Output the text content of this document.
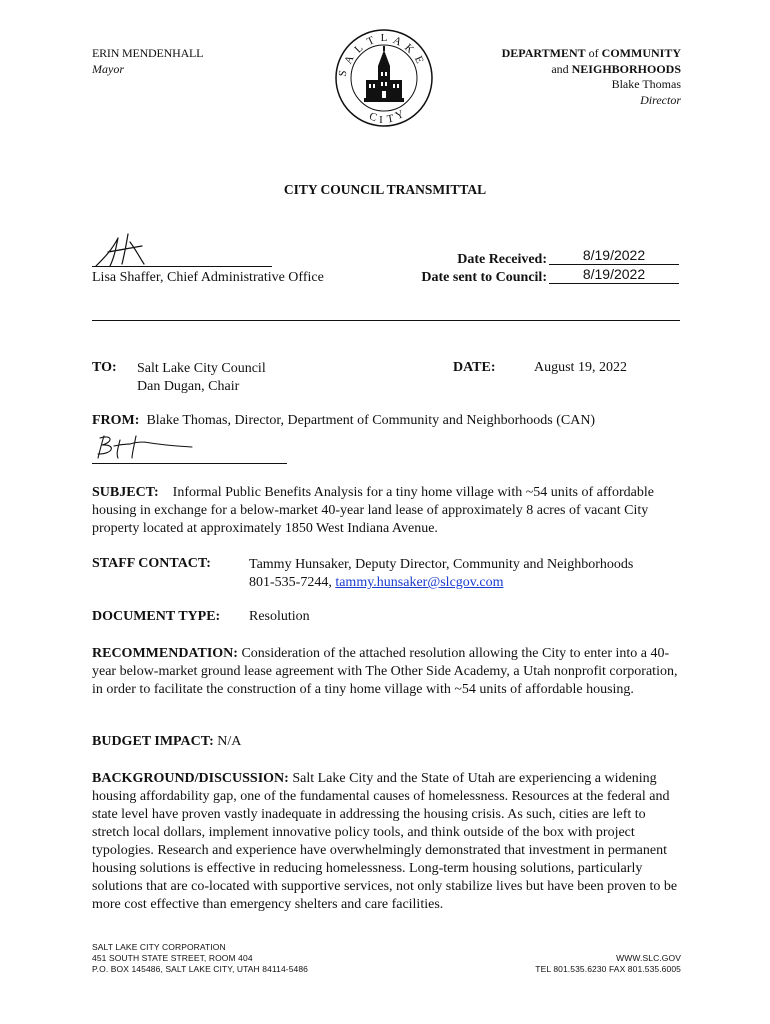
ERIN MENDENHALL
Mayor
L A
K
E
T
L
A
S
C I T
Y
DEPARTMENT of COMMUNITY
and NEIGHBORHOODS
Blake Thomas
Director
CITY COUNCIL TRANSMITTAL
Lisa Shaffer, Chief Administrative Office
Date Received:	8/19/2022
Date sent to Council:	8/19/2022
TO: Salt Lake City Council
Dan Dugan, Chair
DATE:	August 19, 2022
FROM: Blake Thomas, Director, Department of Community and Neighborhoods (CAN)
SUBJECT: Informal Public Benefits Analysis for a tiny home village with ~54 units of affordable housing in exchange for a below-market 40-year land lease of approximately 8 acres of vacant City property located at approximately 1850 West Indiana Avenue.
STAFF CONTACT:	Tammy Hunsaker, Deputy Director, Community and Neighborhoods
801-535-7244, tammy.hunsaker@slcgov.com
DOCUMENT TYPE: Resolution
RECOMMENDATION: Consideration of the attached resolution allowing the City to enter into a 40-year below-market ground lease agreement with The Other Side Academy, a Utah nonprofit corporation, in order to facilitate the construction of a tiny home village with ~54 units of affordable housing.
BUDGET IMPACT: N/A
BACKGROUND/DISCUSSION: Salt Lake City and the State of Utah are experiencing a widening housing affordability gap, one of the fundamental causes of homelessness. Resources at the federal and state level have proven vastly inadequate in addressing the housing crisis. As such, cities are left to stretch local dollars, implement innovative policy tools, and think outside of the box with project typologies. Research and experience have overwhelmingly demonstrated that investment in permanent housing solutions is effective in reducing homelessness. Long-term housing solutions, particularly solutions that are co-located with supportive services, not only stabilize lives but have been proven to be more cost effective than emergency shelters and care facilities.
SALT LAKE CITY CORPORATION
451 SOUTH STATE STREET, ROOM 404
P.O. BOX 145486, SALT LAKE CITY, UTAH 84114-5486
WWW.SLC.GOV
TEL 801.535.6230 FAX 801.535.6005
